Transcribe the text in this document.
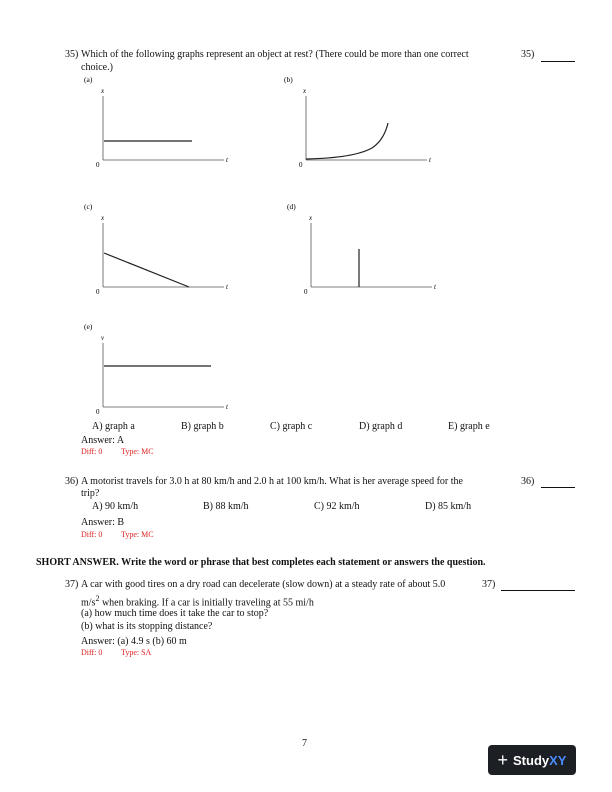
35) Which of the following graphs represent an object at rest? (There could be more than one correct
choice.)
35)
(a)
x
t
0
(b)
x
t
0
(c)
x
t
0
(d)
x
t
0
(e)
v
t
0
A) graph a	B) graph b	C) graph c	D) graph d	E) graph e
Answer: A
Diff: 0 Type: MC
36) A motorist travels for 3.0 h at 80 km/h and 2.0 h at 100 km/h. What is her average speed for the
trip?
36)
A) 90 km/h	B) 88 km/h	C) 92 km/h	D) 85 km/h
Answer: B
Diff: 0 Type: MC
SHORT ANSWER. Write the word or phrase that best completes each statement or answers the question.
37) A car with good tires on a dry road can decelerate (slow down) at a steady rate of about 5.0
$m/s^2$ when braking. If a car is initially traveling at 55 mi/h
(a) how much time does it take the car to stop?
(b) what is its stopping distance?
37)
Answer: (a) 4.9 s (b) 60 m
Diff: 0 Type: SA
7
+ Study XY
